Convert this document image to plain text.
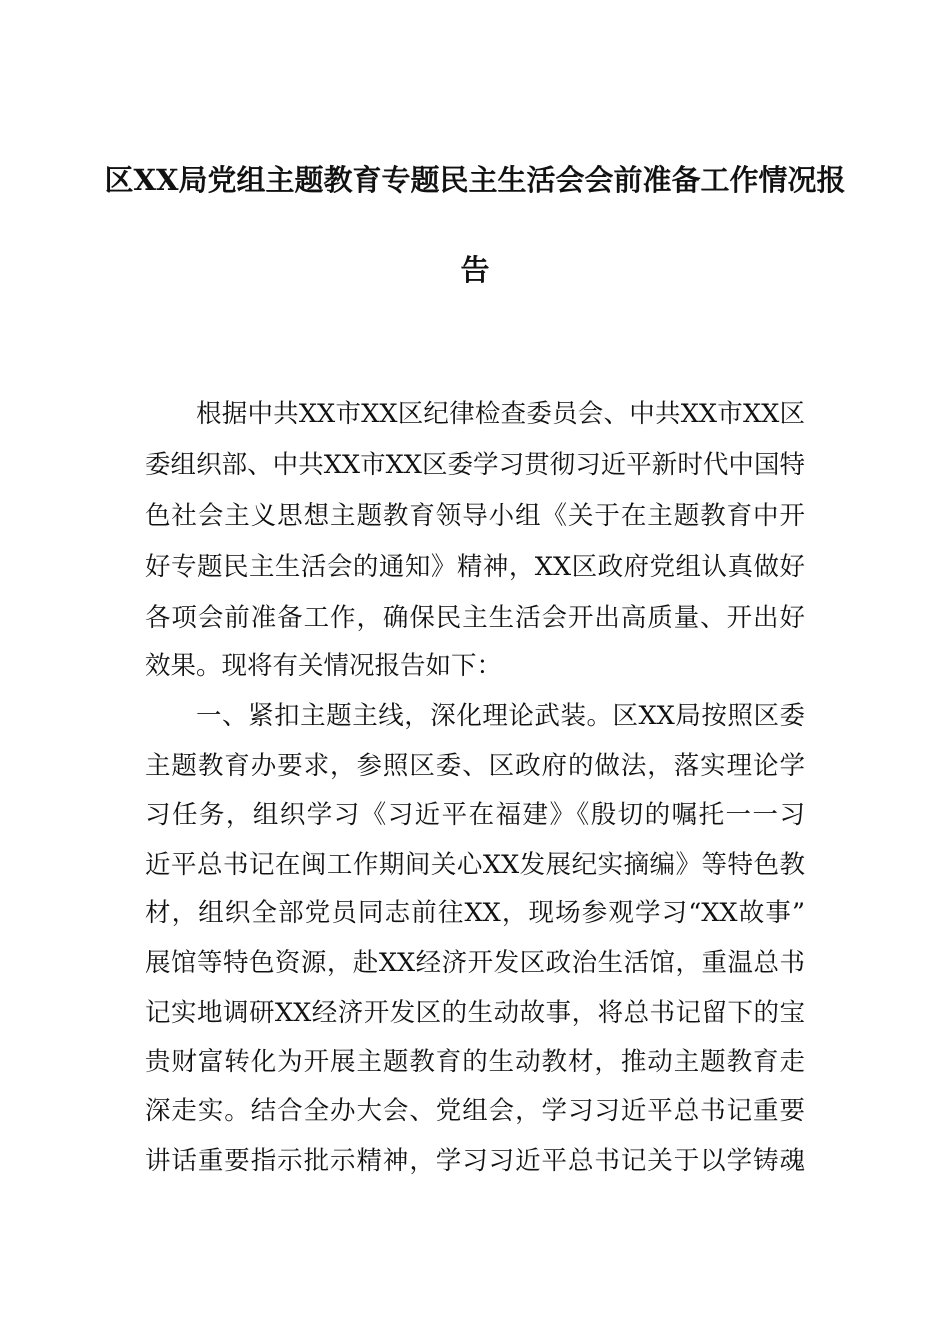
区XX局党组主题教育专题民主生活会会前准备工作情况报
告
根据中共XX市XX区纪律检查委员会、中共XX市XX区
委组织部、中共XX市XX区委学习贯彻习近平新时代中国特
色社会主义思想主题教育领导小组《关于在主题教育中开
好专题民主生活会的通知》精神，XX区政府党组认真做好
各项会前准备工作，确保民主生活会开出高质量、开出好
效果。现将有关情况报告如下：
一、紧扣主题主线，深化理论武装。区XX局按照区委
主题教育办要求，参照区委、区政府的做法，落实理论学
习任务，组织学习《习近平在福建》《殷切的嘱托一一习
近平总书记在闽工作期间关心XX发展纪实摘编》等特色教
材，组织全部党员同志前往XX，现场参观学习“XX故事”
展馆等特色资源，赴XX经济开发区政治生活馆，重温总书
记实地调研XX经济开发区的生动故事，将总书记留下的宝
贵财富转化为开展主题教育的生动教材，推动主题教育走
深走实。结合全办大会、党组会，学习习近平总书记重要
讲话重要指示批示精神，学习习近平总书记关于以学铸魂
